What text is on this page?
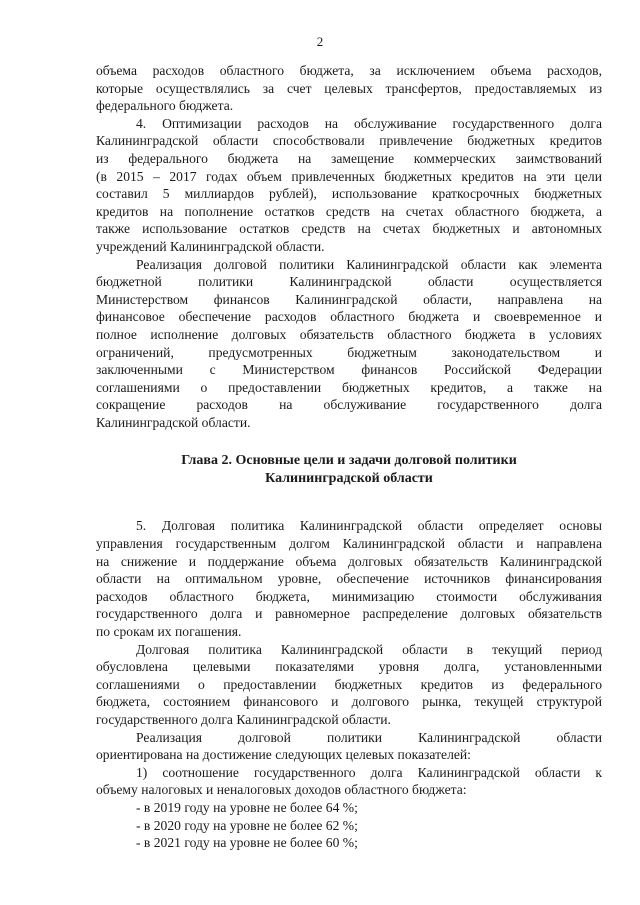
2
объема расходов областного бюджета, за исключением объема расходов,
которые осуществлялись за счет целевых трансфертов, предоставляемых из
федерального бюджета.
4. Оптимизации расходов на обслуживание государственного долга
Калининградской области способствовали привлечение бюджетных кредитов
из федерального бюджета на замещение коммерческих заимствований
(в 2015 – 2017 годах объем привлеченных бюджетных кредитов на эти цели
составил 5 миллиардов рублей), использование краткосрочных бюджетных
кредитов на пополнение остатков средств на счетах областного бюджета, а
также использование остатков средств на счетах бюджетных и автономных
учреждений Калининградской области.
Реализация долговой политики Калининградской области как элемента
бюджетной политики Калининградской области осуществляется
Министерством финансов Калининградской области, направлена на
финансовое обеспечение расходов областного бюджета и своевременное и
полное исполнение долговых обязательств областного бюджета в условиях
ограничений, предусмотренных бюджетным законодательством и
заключенными с Министерством финансов Российской Федерации
соглашениями о предоставлении бюджетных кредитов, а также на
сокращение расходов на обслуживание государственного долга
Калининградской области.
Глава 2. Основные цели и задачи долговой политики
Калининградской области
5. Долговая политика Калининградской области определяет основы
управления государственным долгом Калининградской области и направлена
на снижение и поддержание объема долговых обязательств Калининградской
области на оптимальном уровне, обеспечение источников финансирования
расходов областного бюджета, минимизацию стоимости обслуживания
государственного долга и равномерное распределение долговых обязательств
по срокам их погашения.
Долговая политика Калининградской области в текущий период
обусловлена целевыми показателями уровня долга, установленными
соглашениями о предоставлении бюджетных кредитов из федерального
бюджета, состоянием финансового и долгового рынка, текущей структурой
государственного долга Калининградской области.
Реализация долговой политики Калининградской области
ориентирована на достижение следующих целевых показателей:
1) соотношение государственного долга Калининградской области к
объему налоговых и неналоговых доходов областного бюджета:
- в 2019 году на уровне не более 64 %;
- в 2020 году на уровне не более 62 %;
- в 2021 году на уровне не более 60 %;
